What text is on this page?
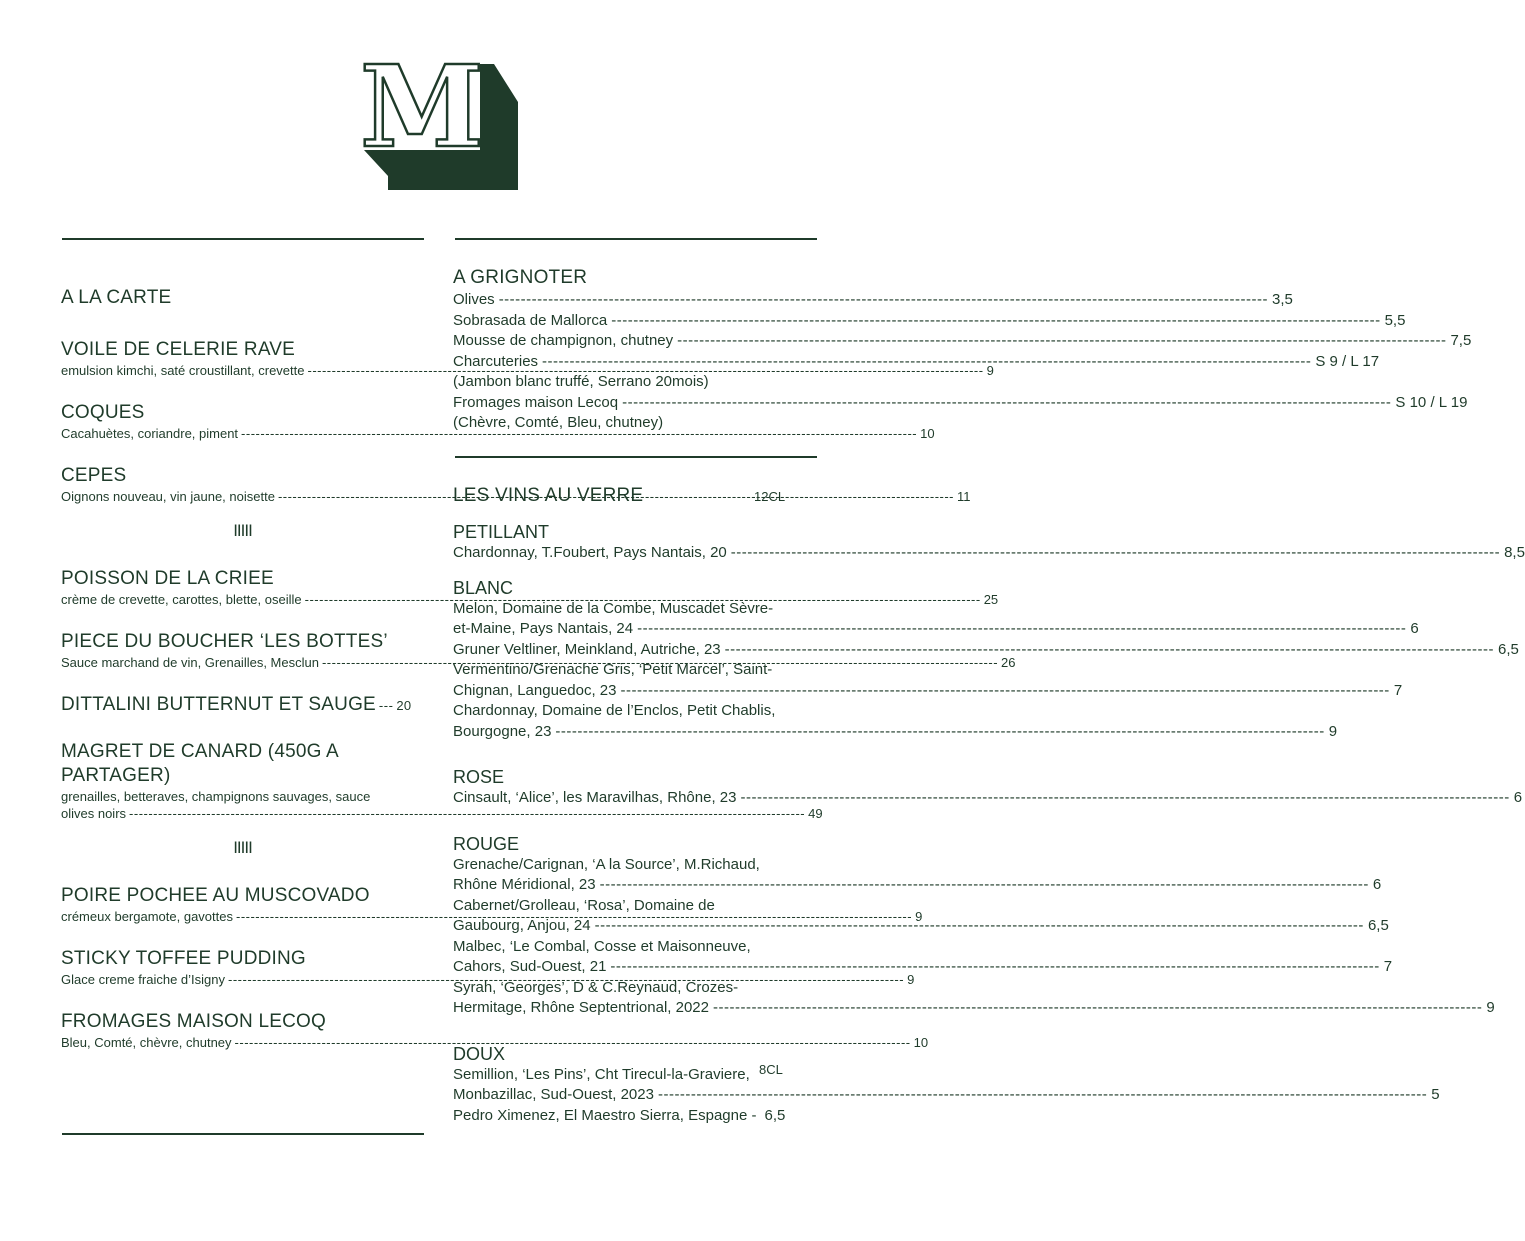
M
A LA CARTE
VOILE DE CELERIE RAVE
emulsion kimchi, saté croustillant, crevette -----	9
COQUES
Cacahuètes, coriandre, piment -----	10
CEPES
Oignons nouveau, vin jaune, noisette -----	11
IIIII
POISSON DE LA CRIEE
crème de crevette, carottes, blette, oseille -----	25
PIECE DU BOUCHER ‘LES BOTTES’
Sauce marchand de vin, Grenailles, Mesclun -----	26
DITTALINI BUTTERNUT ET SAUGE --- 20
MAGRET DE CANARD (450G A
PARTAGER)
grenailles, betteraves, champignons sauvages, sauce
olives noirs -----	49
IIIII
POIRE POCHEE AU MUSCOVADO
crémeux bergamote, gavottes -----	9
STICKY TOFFEE PUDDING
Glace creme fraiche d’Isigny -----	9
FROMAGES MAISON LECOQ
Bleu, Comté, chèvre, chutney -----	10
A GRIGNOTER
Olives -----	3,5
Sobrasada de Mallorca -----	5,5
Mousse de champignon, chutney -----	7,5
Charcuteries -----	S 9 / L 17
(Jambon blanc truffé, Serrano 20mois)
Fromages maison Lecoq -----	S 10 / L 19
(Chèvre, Comté, Bleu, chutney)
12CL
8CL
LES VINS AU VERRE
PETILLANT
Chardonnay, T.Foubert, Pays Nantais, 20 -----	8,5
BLANC
Melon, Domaine de la Combe, Muscadet Sèvre-
et-Maine, Pays Nantais, 24 -----	6
Gruner Veltliner, Meinkland, Autriche, 23 -----	6,5
Vermentino/Grenache Gris, ‘Petit Marcel’, Saint-
Chignan, Languedoc, 23 -----	7
Chardonnay, Domaine de l’Enclos, Petit Chablis,
Bourgogne, 23 -----	9
ROSE
Cinsault, ‘Alice’, les Maravilhas, Rhône, 23 -----	6
ROUGE
Grenache/Carignan, ‘A la Source’, M.Richaud,
Rhône Méridional, 23 -----	6
Cabernet/Grolleau, ‘Rosa’, Domaine de
Gaubourg, Anjou, 24 -----	6,5
Malbec, ‘Le Combal, Cosse et Maisonneuve,
Cahors, Sud-Ouest, 21 -----	7
Syrah, ‘Georges’, D & C.Reynaud, Crozes-
Hermitage, Rhône Septentrional, 2022 -----	9
DOUX
Semillion, ‘Les Pins’, Cht Tirecul-la-Graviere,
Monbazillac, Sud-Ouest, 2023 -----	5
Pedro Ximenez, El Maestro Sierra, Espagne - 6,5
